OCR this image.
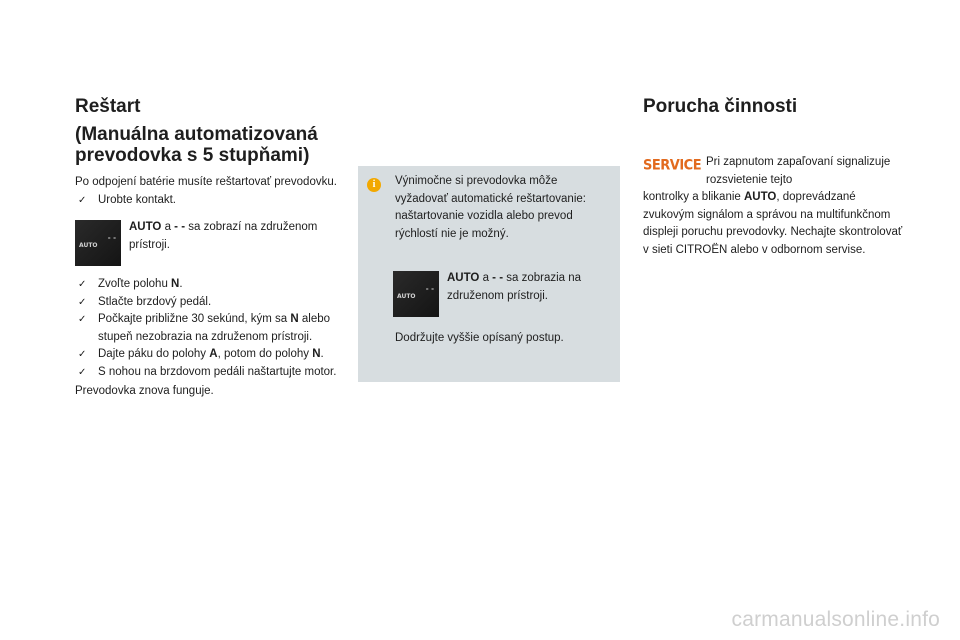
Reštart
(Manuálna automatizovaná prevodovka s 5 stupňami)

Po odpojení batérie musíte reštartovať prevodovku.

✓ Urobte kontakt.
AUTO
- -

AUTO a - - sa zobrazí na združenom prístroji.

✓ Zvoľte polohu N.
✓ Stlačte brzdový pedál.
✓ Počkajte približne 30 sekúnd, kým sa N alebo stupeň nezobrazia na združenom prístroji.
✓ Dajte páku do polohy A, potom do polohy N.
✓ S nohou na brzdovom pedáli naštartujte motor.

Prevodovka znova funguje.

i	Výnimočne si prevodovka môže vyžadovať automatické reštartovanie: naštartovanie vozidla alebo prevod rýchlostí nie je možný.

AUTO
- -

AUTO a - - sa zobrazia na združenom prístroji.

Dodržujte vyššie opísaný postup.

Porucha činnosti
SERVICE Pri zapnutom zapaľovaní signalizuje rozsvietenie tejto

kontrolky a blikanie AUTO, doprevádzané zvukovým signálom a správou na multifunkčnom displeji poruchu prevodovky. Nechajte skontrolovať v sieti CITROËN alebo v odbornom servise.

carmanualsonline.info
